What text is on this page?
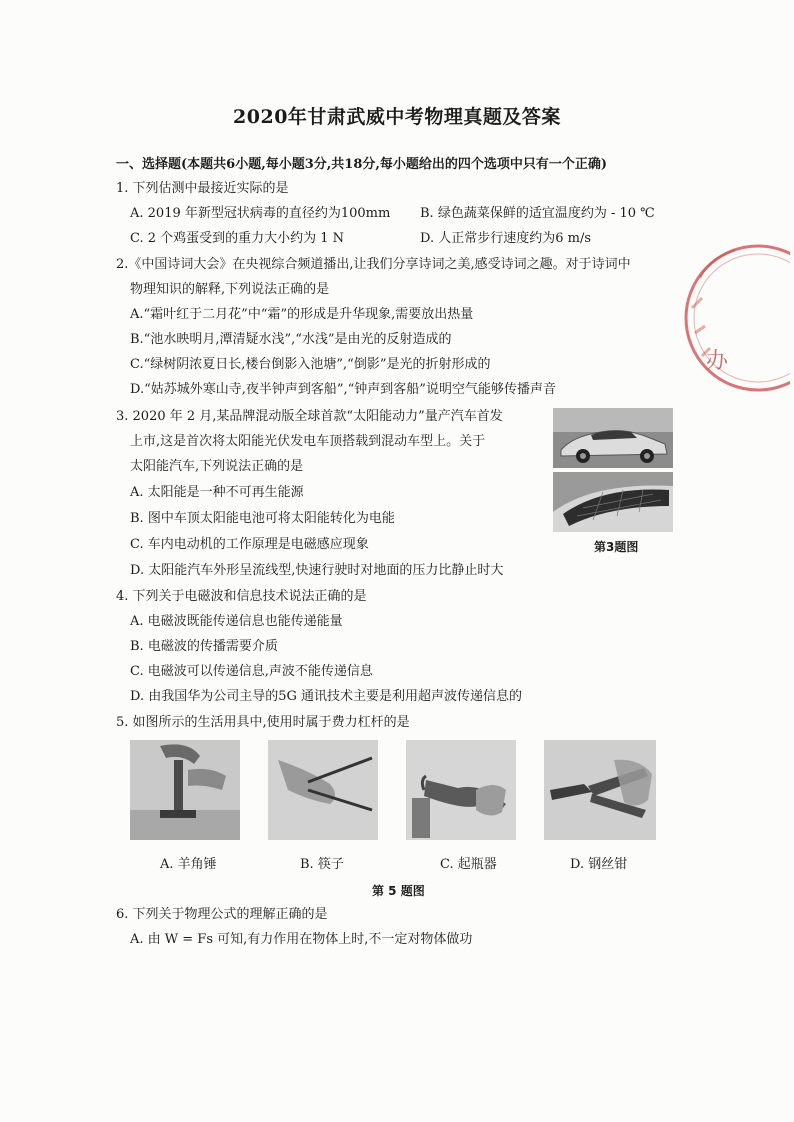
办
2020年甘肃武威中考物理真题及答案
一、选择题(本题共6小题,每小题3分,共18分,每小题给出的四个选项中只有一个正确)
1. 下列估测中最接近实际的是
A. 2019 年新型冠状病毒的直径约为100mm B. 绿色蔬菜保鲜的适宜温度约为 - 10 ℃
C. 2 个鸡蛋受到的重力大小约为 1 N	D. 人正常步行速度约为6 m/s
2.《中国诗词大会》在央视综合频道播出,让我们分享诗词之美,感受诗词之趣。对于诗词中
物理知识的解释,下列说法正确的是
A.“霜叶红于二月花”中“霜”的形成是升华现象,需要放出热量
B.“池水映明月,潭清疑水浅”,“水浅”是由光的反射造成的
C.“绿树阴浓夏日长,楼台倒影入池塘”,“倒影”是光的折射形成的
D.“姑苏城外寒山寺,夜半钟声到客船”,“钟声到客船”说明空气能够传播声音
3. 2020 年 2 月,某品牌混动版全球首款“太阳能动力”量产汽车首发
上市,这是首次将太阳能光伏发电车顶搭载到混动车型上。关于
太阳能汽车,下列说法正确的是
A. 太阳能是一种不可再生能源
B. 图中车顶太阳能电池可将太阳能转化为电能
C. 车内电动机的工作原理是电磁感应现象
D. 太阳能汽车外形呈流线型,快速行驶时对地面的压力比静止时大
第3题图
4. 下列关于电磁波和信息技术说法正确的是
A. 电磁波既能传递信息也能传递能量
B. 电磁波的传播需要介质
C. 电磁波可以传递信息,声波不能传递信息
D. 由我国华为公司主导的5G 通讯技术主要是利用超声波传递信息的
5. 如图所示的生活用具中,使用时属于费力杠杆的是
A. 羊角锤	B. 筷子	C. 起瓶器	D. 钢丝钳
第 5 题图
6. 下列关于物理公式的理解正确的是
A. 由 W = Fs 可知,有力作用在物体上时,不一定对物体做功
